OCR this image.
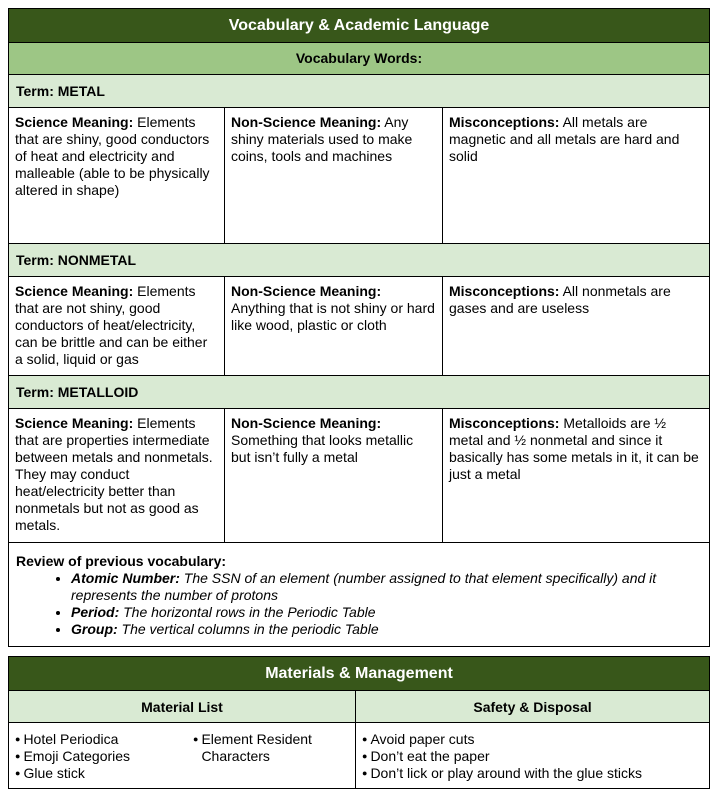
Vocabulary & Academic Language
Vocabulary Words:
Term: METAL
Science Meaning: Elements that are shiny, good conductors of heat and electricity and malleable (able to be physically altered in shape)
Non-Science Meaning: Any shiny materials used to make coins, tools and machines
Misconceptions: All metals are magnetic and all metals are hard and solid
Term: NONMETAL
Science Meaning: Elements that are not shiny, good conductors of heat/electricity, can be brittle and can be either a solid, liquid or gas
Non-Science Meaning: Anything that is not shiny or hard like wood, plastic or cloth
Misconceptions: All nonmetals are gases and are useless
Term: METALLOID
Science Meaning: Elements that are properties intermediate between metals and nonmetals. They may conduct heat/electricity better than nonmetals but not as good as metals.
Non-Science Meaning: Something that looks metallic but isn’t fully a metal
Misconceptions: Metalloids are ½ metal and ½ nonmetal and since it basically has some metals in it, it can be just a metal
Review of previous vocabulary:
• Atomic Number: The SSN of an element (number assigned to that element specifically) and it represents the number of protons
• Period: The horizontal rows in the Periodic Table
• Group: The vertical columns in the periodic Table
Materials & Management
Material List	Safety & Disposal
● Hotel Periodica
● Emoji Categories
● Glue stick
●
Element Resident Characters
● Avoid paper cuts
● Don’t eat the paper
● Don’t lick or play around with the glue sticks
